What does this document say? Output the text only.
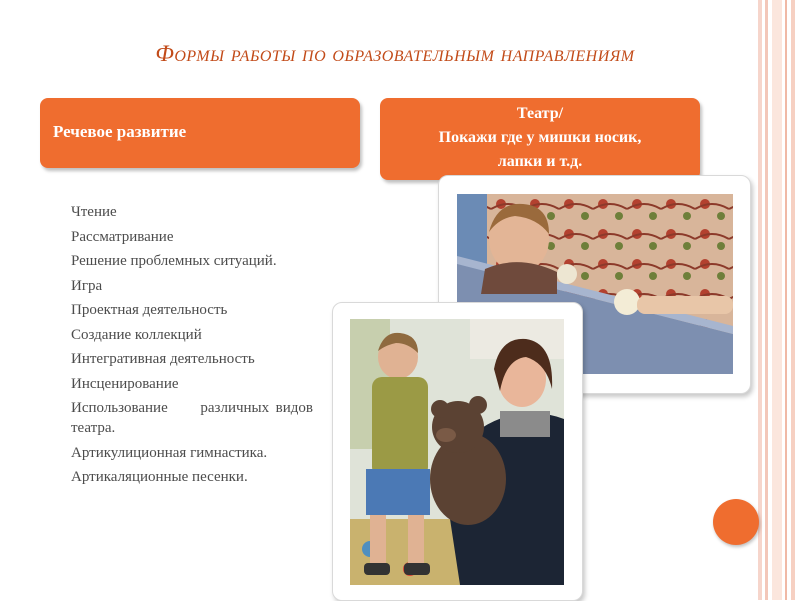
Формы работы по образовательным направлениям
Речевое развитие
Театр/
Покажи где у мишки носик,
лапки и т.д.
Чтение
Рассматривание
Решение проблемных ситуаций.
Игра
Проектная деятельность
Создание коллекций
Интегративная деятельность
Инсценирование
Использование     различных видов театра.
Артикулиционная гимнастика.
Артикаляционные песенки.
